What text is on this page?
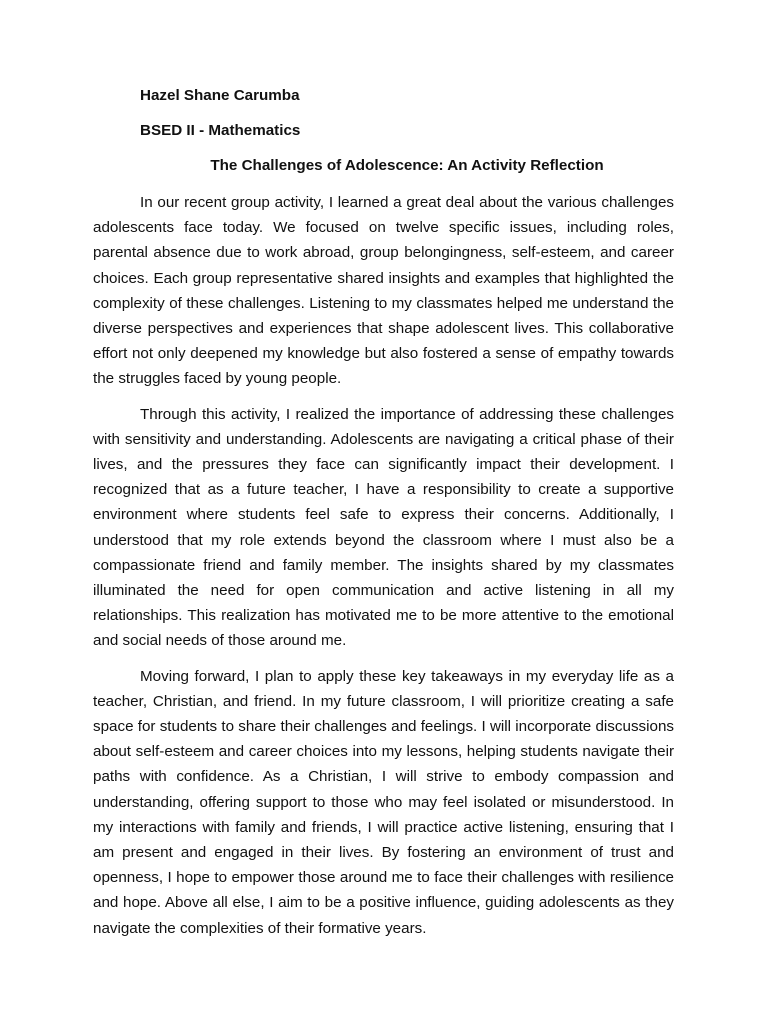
Hazel Shane Carumba
BSED II - Mathematics
The Challenges of Adolescence: An Activity Reflection

In our recent group activity, I learned a great deal about the various challenges adolescents face today. We focused on twelve specific issues, including roles, parental absence due to work abroad, group belongingness, self-esteem, and career choices. Each group representative shared insights and examples that highlighted the complexity of these challenges. Listening to my classmates helped me understand the diverse perspectives and experiences that shape adolescent lives. This collaborative effort not only deepened my knowledge but also fostered a sense of empathy towards the struggles faced by young people.

Through this activity, I realized the importance of addressing these challenges with sensitivity and understanding. Adolescents are navigating a critical phase of their lives, and the pressures they face can significantly impact their development. I recognized that as a future teacher, I have a responsibility to create a supportive environment where students feel safe to express their concerns. Additionally, I understood that my role extends beyond the classroom where I must also be a compassionate friend and family member. The insights shared by my classmates illuminated the need for open communication and active listening in all my relationships. This realization has motivated me to be more attentive to the emotional and social needs of those around me.

Moving forward, I plan to apply these key takeaways in my everyday life as a teacher, Christian, and friend. In my future classroom, I will prioritize creating a safe space for students to share their challenges and feelings. I will incorporate discussions about self-esteem and career choices into my lessons, helping students navigate their paths with confidence. As a Christian, I will strive to embody compassion and understanding, offering support to those who may feel isolated or misunderstood. In my interactions with family and friends, I will practice active listening, ensuring that I am present and engaged in their lives. By fostering an environment of trust and openness, I hope to empower those around me to face their challenges with resilience and hope. Above all else, I aim to be a positive influence, guiding adolescents as they navigate the complexities of their formative years.
